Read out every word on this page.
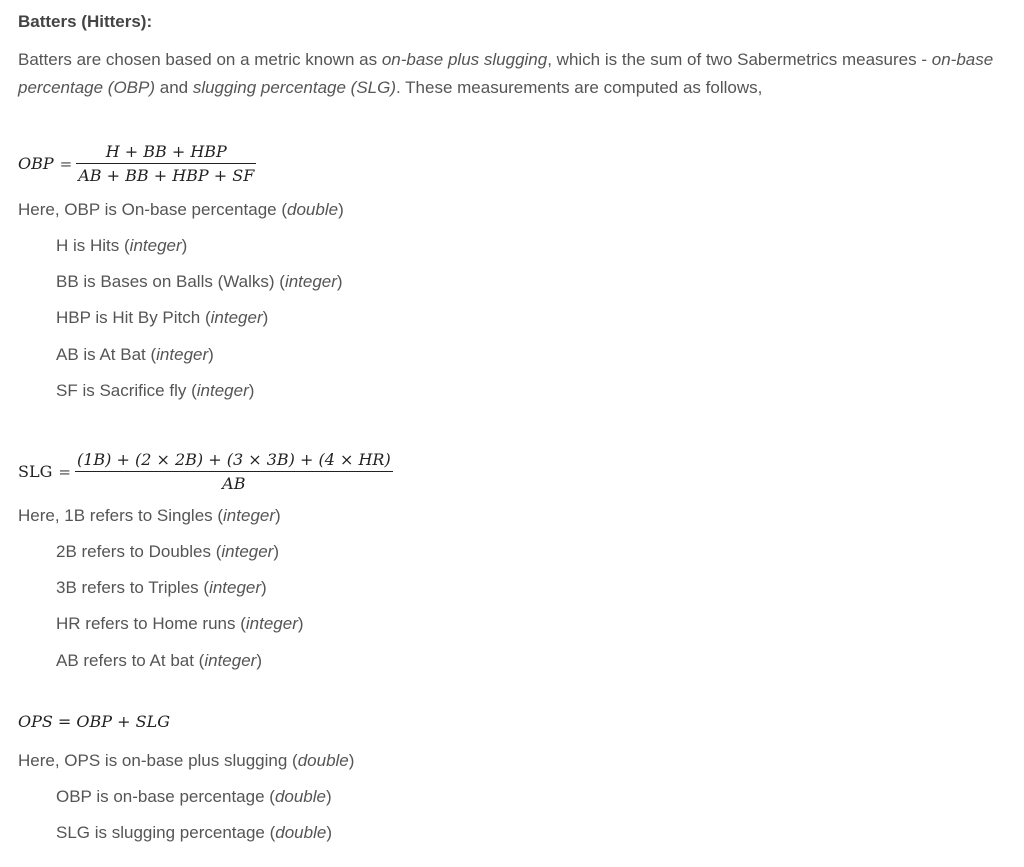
Batters (Hitters):

Batters are chosen based on a metric known as on-base plus slugging, which is the sum of two Sabermetrics measures - on-base percentage (OBP) and slugging percentage (SLG). These measurements are computed as follows,

OBP = $\frac{\text{H + BB + HBP}}{\text{AB + BB + HBP + SF}}$

Here, OBP is On-base percentage (double)

H is Hits (integer)

BB is Bases on Balls (Walks) (integer)

HBP is Hit By Pitch (integer)

AB is At Bat (integer)

SF is Sacrifice fly (integer)

SLG = $\frac{(1B) + (2 \times 2B) + (3 \times 3B) + (4 \times HR)}{AB}$

Here, 1B refers to Singles (integer)

2B refers to Doubles (integer)

3B refers to Triples (integer)

HR refers to Home runs (integer)

AB refers to At bat (integer)

OPS = OBP + SLG

Here, OPS is on-base plus slugging (double)

OBP is on-base percentage (double)

SLG is slugging percentage (double)
